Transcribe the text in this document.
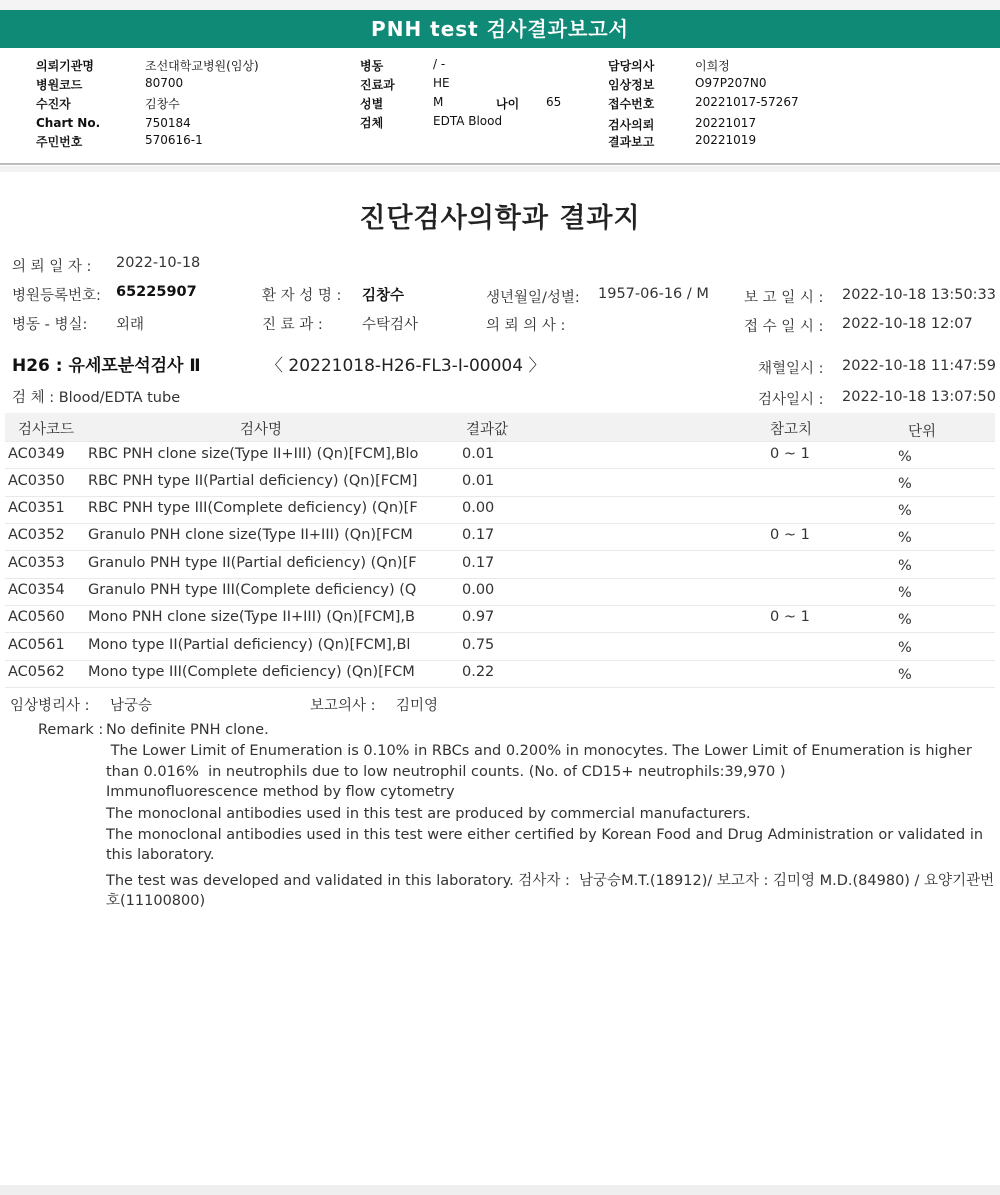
PNH test 검사결과보고서
의뢰기관명	조선대학교병원(임상)
병원코드	80700
수진자	김창수
Chart No.	750184
주민번호	570616-1
병동	/ -
진료과	HE
성별	M	나이 65
검체	EDTA Blood
담당의사	이희정
임상정보	O97P207N0
접수번호	20221017-57267
검사의뢰	20221017
결과보고	20221019
진단검사의학과 결과지
의 뢰 일 자 : 2022-10-18
병원등록번호: 65225907	환 자 성 명 : 김창수	생년월일/성별: 1957-06-16 / M 보 고 일 시 : 2022-10-18 13:50:33
병동 - 병실: 외래	진 료 과 :	수탁검사	의 뢰 의 사 :	접 수 일 시 : 2022-10-18 12:07
H26 : 유세포분석검사 Ⅱ	〈 20221018-H26-FL3-I-00004 〉	채혈일시 : 2022-10-18 11:47:59
검 체 : Blood/EDTA tube	검사일시 : 2022-10-18 13:07:50
검사코드	검사명	결과값	참고치	단위
AC0349 RBC PNH clone size(Type II+III) (Qn)[FCM],Blo	0.01	0 ~ 1	%
AC0350 RBC PNH type II(Partial deficiency) (Qn)[FCM]	0.01	%
AC0351 RBC PNH type III(Complete deficiency) (Qn)[F	0.00	%
AC0352 Granulo PNH clone size(Type II+III) (Qn)[FCM	0.17	0 ~ 1	%
AC0353 Granulo PNH type II(Partial deficiency) (Qn)[F	0.17	%
AC0354 Granulo PNH type III(Complete deficiency) (Q	0.00	%
AC0560 Mono PNH clone size(Type II+III) (Qn)[FCM],B	0.97	0 ~ 1	%
AC0561 Mono type II(Partial deficiency) (Qn)[FCM],Bl	0.75	%
AC0562 Mono type III(Complete deficiency) (Qn)[FCM	0.22	%
임상병리사 : 남궁승	보고의사 : 김미영
Remark : No definite PNH clone.
The Lower Limit of Enumeration is 0.10% in RBCs and 0.200% in monocytes. The Lower Limit of Enumeration is higher
than 0.016%  in neutrophils due to low neutrophil counts. (No. of CD15+ neutrophils:39,970 )
Immunofluorescence method by flow cytometry
The monoclonal antibodies used in this test are produced by commercial manufacturers.
The monoclonal antibodies used in this test were either certified by Korean Food and Drug Administration or validated in
this laboratory.
The test was developed and validated in this laboratory. 검사자 :  남궁승M.T.(18912)/ 보고자 : 김미영 M.D.(84980) / 요양기관번
호(11100800)
